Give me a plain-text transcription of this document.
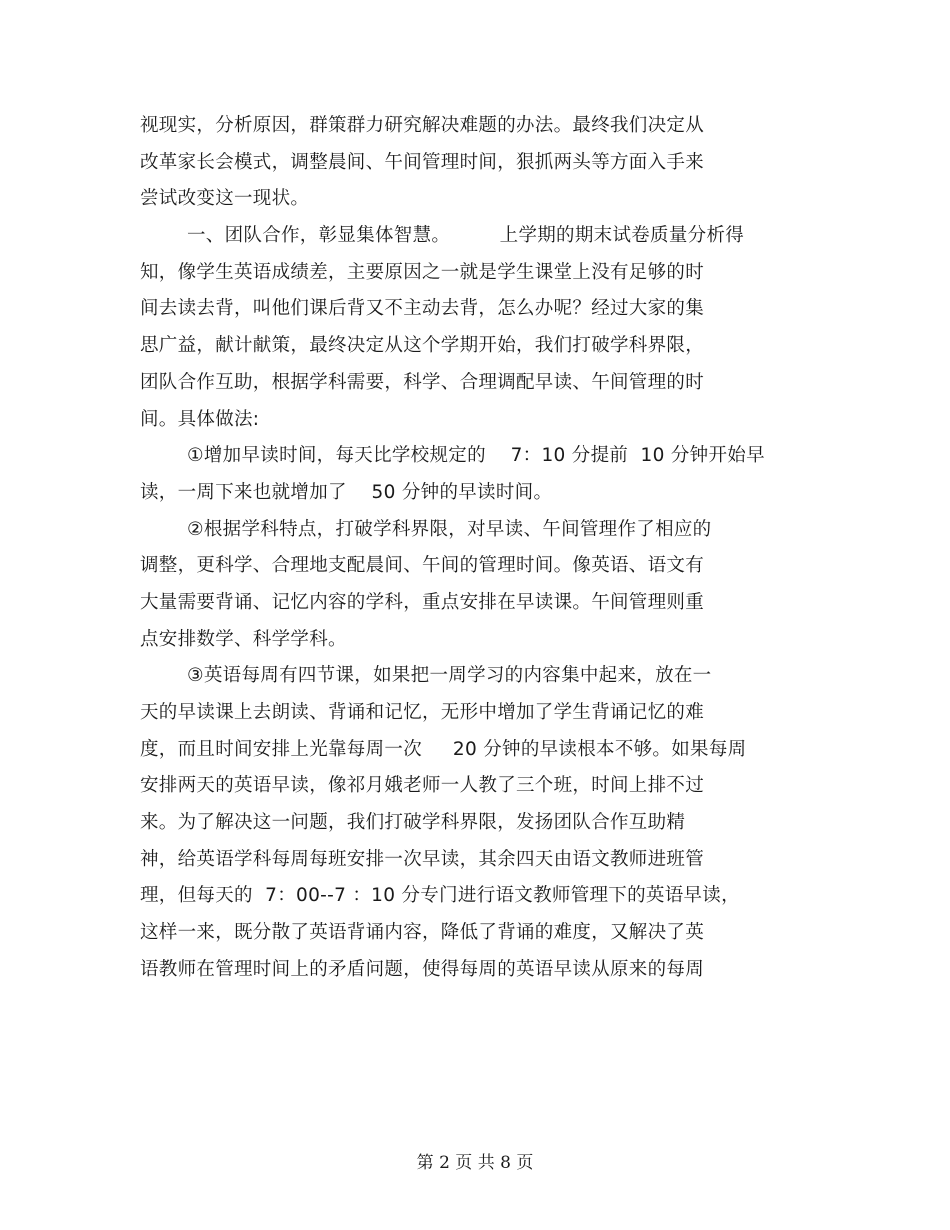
视现实，分析原因，群策群力研究解决难题的办法。最终我们决定从
改革家长会模式，调整晨间、午间管理时间，狠抓两头等方面入手来
尝试改变这一现状。
一、团队合作，彰显集体智慧。        上学期的期末试卷质量分析得
知，像学生英语成绩差，主要原因之一就是学生课堂上没有足够的时
间去读去背，叫他们课后背又不主动去背，怎么办呢？经过大家的集
思广益，献计献策，最终决定从这个学期开始，我们打破学科界限，
团队合作互助，根据学科需要，科学、合理调配早读、午间管理的时
间。具体做法:
①增加早读时间，每天比学校规定的    7：10 分提前  10 分钟开始早
读，一周下来也就增加了    50 分钟的早读时间。
②根据学科特点，打破学科界限，对早读、午间管理作了相应的
调整，更科学、合理地支配晨间、午间的管理时间。像英语、语文有
大量需要背诵、记忆内容的学科，重点安排在早读课。午间管理则重
点安排数学、科学学科。
③英语每周有四节课，如果把一周学习的内容集中起来，放在一
天的早读课上去朗读、背诵和记忆，无形中增加了学生背诵记忆的难
度，而且时间安排上光靠每周一次     20 分钟的早读根本不够。如果每周
安排两天的英语早读，像祁月娥老师一人教了三个班，时间上排不过
来。为了解决这一问题，我们打破学科界限，发扬团队合作互助精
神，给英语学科每周每班安排一次早读，其余四天由语文教师进班管
理，但每天的  7：00--7 ：10 分专门进行语文教师管理下的英语早读，
这样一来，既分散了英语背诵内容，降低了背诵的难度，又解决了英
语教师在管理时间上的矛盾问题，使得每周的英语早读从原来的每周
第 2 页 共 8 页
